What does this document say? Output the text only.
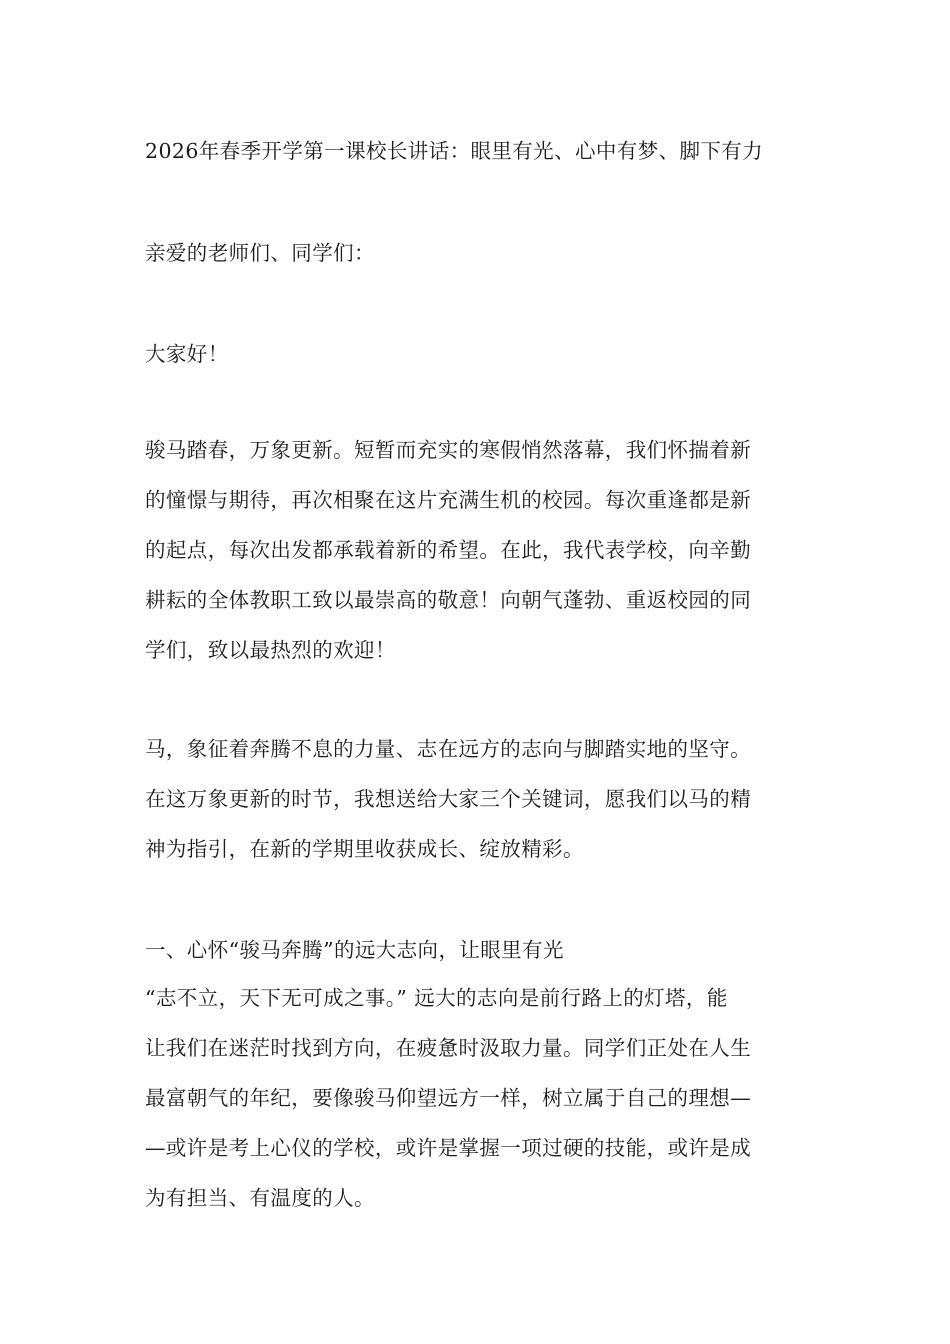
2026年春季开学第一课校长讲话：眼里有光、心中有梦、脚下有力
亲爱的老师们、同学们：
大家好！
骏马踏春，万象更新。短暂而充实的寒假悄然落幕，我们怀揣着新
的憧憬与期待，再次相聚在这片充满生机的校园。每次重逢都是新
的起点，每次出发都承载着新的希望。在此，我代表学校，向辛勤
耕耘的全体教职工致以最崇高的敬意！向朝气蓬勃、重返校园的同
学们，致以最热烈的欢迎！
马，象征着奔腾不息的力量、志在远方的志向与脚踏实地的坚守。
在这万象更新的时节，我想送给大家三个关键词，愿我们以马的精
神为指引，在新的学期里收获成长、绽放精彩。
一、心怀“骏马奔腾”的远大志向，让眼里有光
“志不立，天下无可成之事。” 远大的志向是前行路上的灯塔，能
让我们在迷茫时找到方向，在疲惫时汲取力量。同学们正处在人生
最富朝气的年纪，要像骏马仰望远方一样，树立属于自己的理想—
—或许是考上心仪的学校，或许是掌握一项过硬的技能，或许是成
为有担当、有温度的人。
